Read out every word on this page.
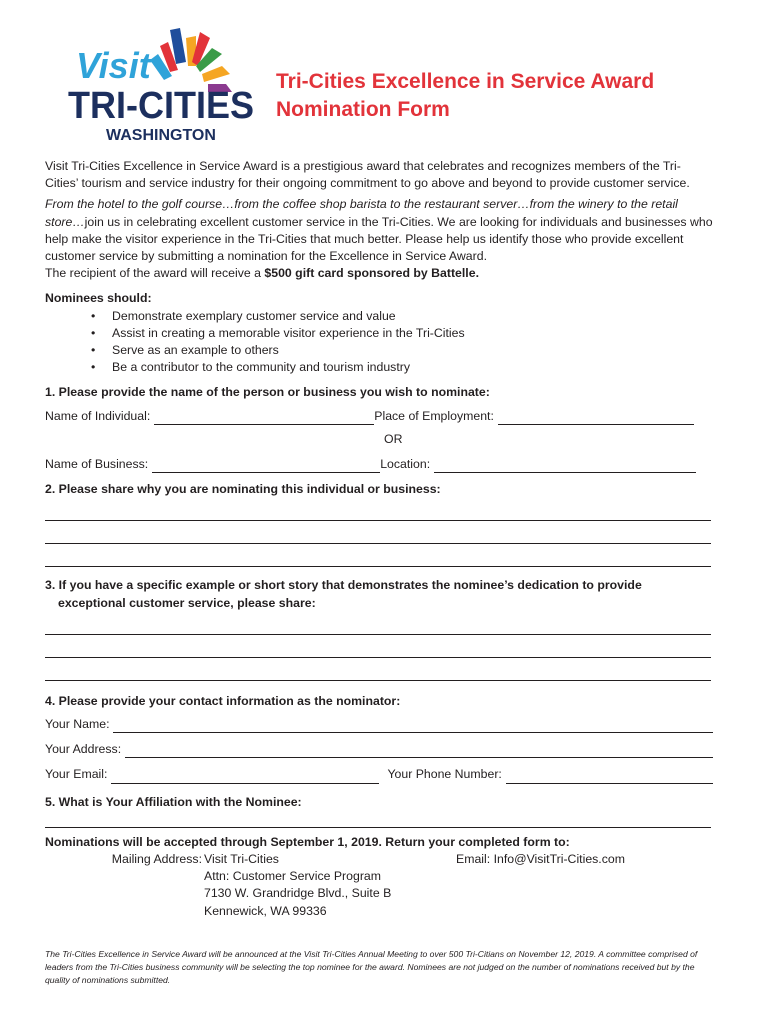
Visit
TRI-CITIES
WASHINGTON
Tri-Cities Excellence in Service Award
Nomination Form

Visit Tri-Cities Excellence in Service Award is a prestigious award that celebrates and recognizes members of the Tri-Cities’ tourism and service industry for their ongoing commitment to go above and beyond to provide customer service.

From the hotel to the golf course…from the coffee shop barista to the restaurant server…from the winery to the retail store…join us in celebrating excellent customer service in the Tri-Cities. We are looking for individuals and businesses who help make the visitor experience in the Tri-Cities that much better. Please help us identify those who provide excellent customer service by submitting a nomination for the Excellence in Service Award.

The recipient of the award will receive a $500 gift card sponsored by Battelle.

Nominees should:
• Demonstrate exemplary customer service and value
• Assist in creating a memorable visitor experience in the Tri-Cities
• Serve as an example to others
• Be a contributor to the community and tourism industry
1. Please provide the name of the person or business you wish to nominate:
Name of Individual:	Place of Employment:
OR
Name of Business:	Location:
2. Please share why you are nominating this individual or business:
3. If you have a specific example or short story that demonstrates the nominee’s dedication to provide
exceptional customer service, please share:
4. Please provide your contact information as the nominator:
Your Name:
Your Address:
Your Email:	Your Phone Number:
5. What is Your Affiliation with the Nominee:
Nominations will be accepted through September 1, 2019. Return your completed form to:
Mailing Address: Visit Tri-Cities
Attn: Customer Service Program
7130 W. Grandridge Blvd., Suite B
Kennewick, WA 99336
Email: Info@VisitTri-Cities.com
The Tri-Cities Excellence in Service Award will be announced at the Visit Tri-Cities Annual Meeting to over 500 Tri-Citians on November 12, 2019. A committee comprised of leaders from the Tri-Cities business community will be selecting the top nominee for the award. Nominees are not judged on the number of nominations received but by the quality of nominations submitted.
